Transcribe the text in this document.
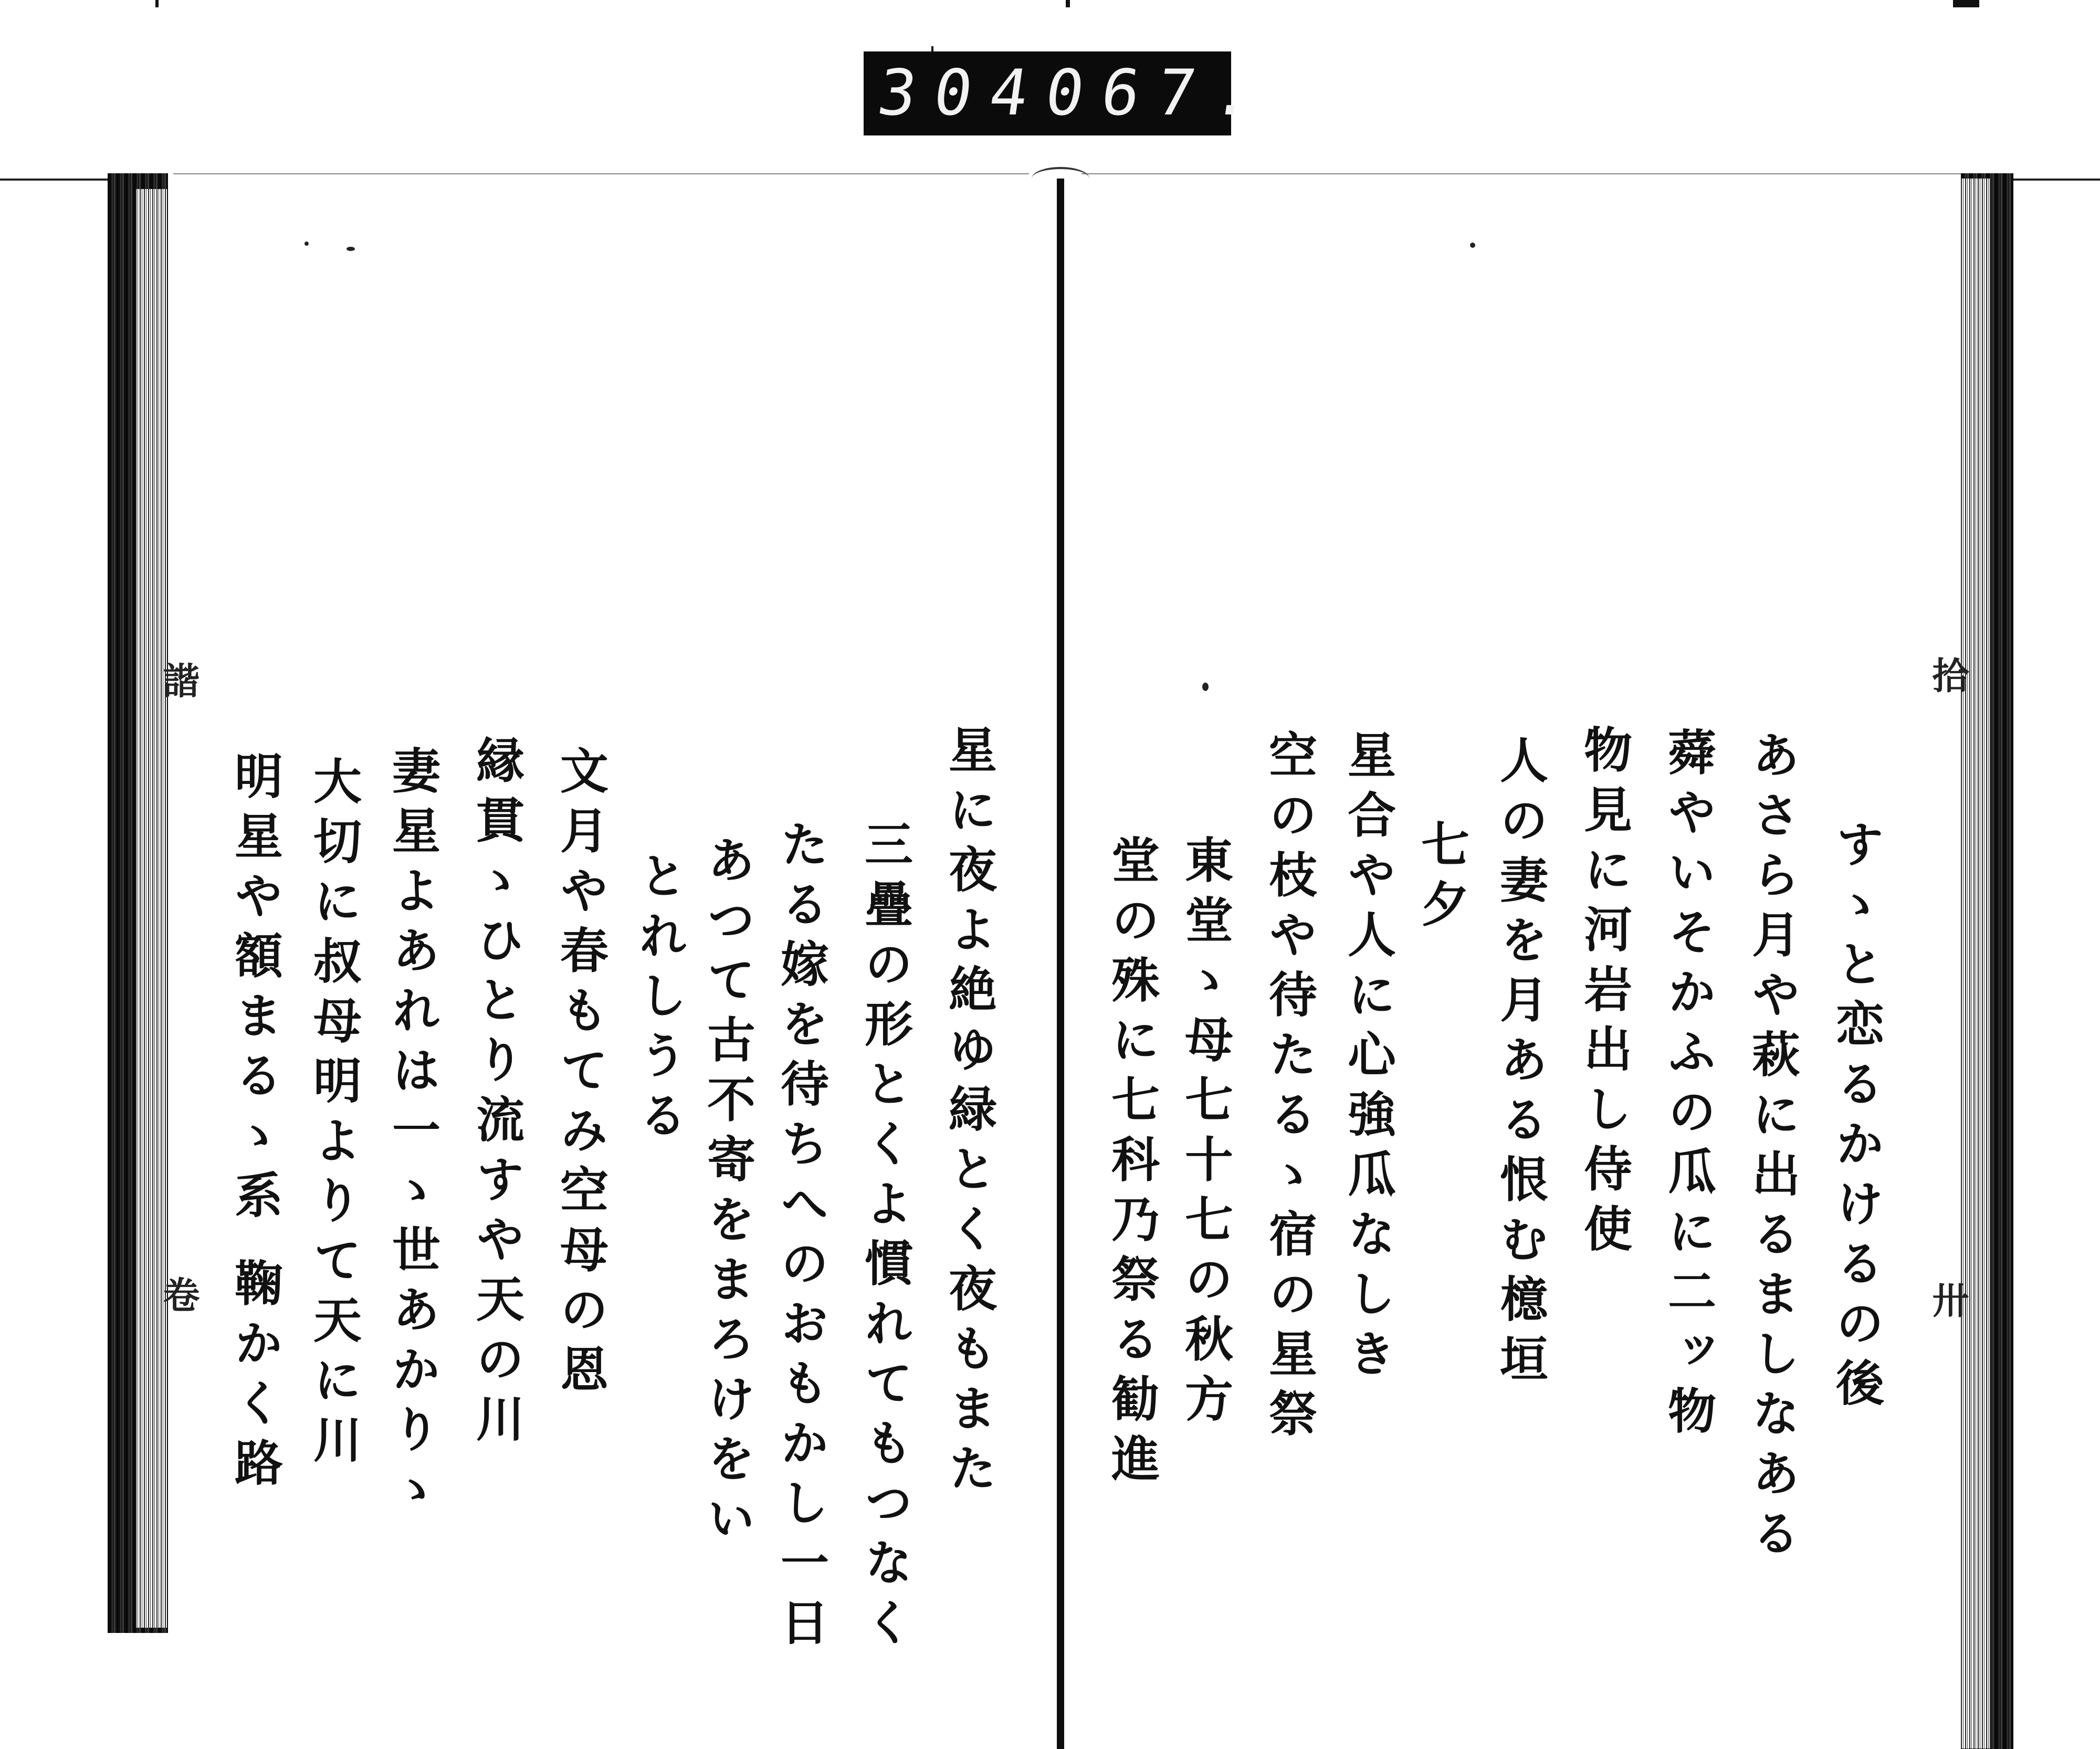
304
067.
すゝと恋るかけるの後
あさら月や萩に出るましなある
蕣やいそかふの瓜に二ッ物
物見に河岩出し侍使
人の妻を月ある恨む檍垣
七夕
星合や人に心強瓜なしき
空の枝や待たるゝ宿の星祭
東堂ゝ母七十七の秋方
堂の殊に七科乃祭る勧進
拾
卅
星に夜よ絶ゆ緑とく夜もまた
三疊の形とくよ慣れてもつなく
たる嫁を待ちへのおもかし一日
あつて古不寄をまろけをい
とれしうる
文月や春もてみ空母の恩
縁貫ゝひとり流すや天の川
妻星よあれは一ゝ世あかりゝ
大切に叔母明よりて天に川
明星や額まるゝ系 鞠かく路
諧
卷
